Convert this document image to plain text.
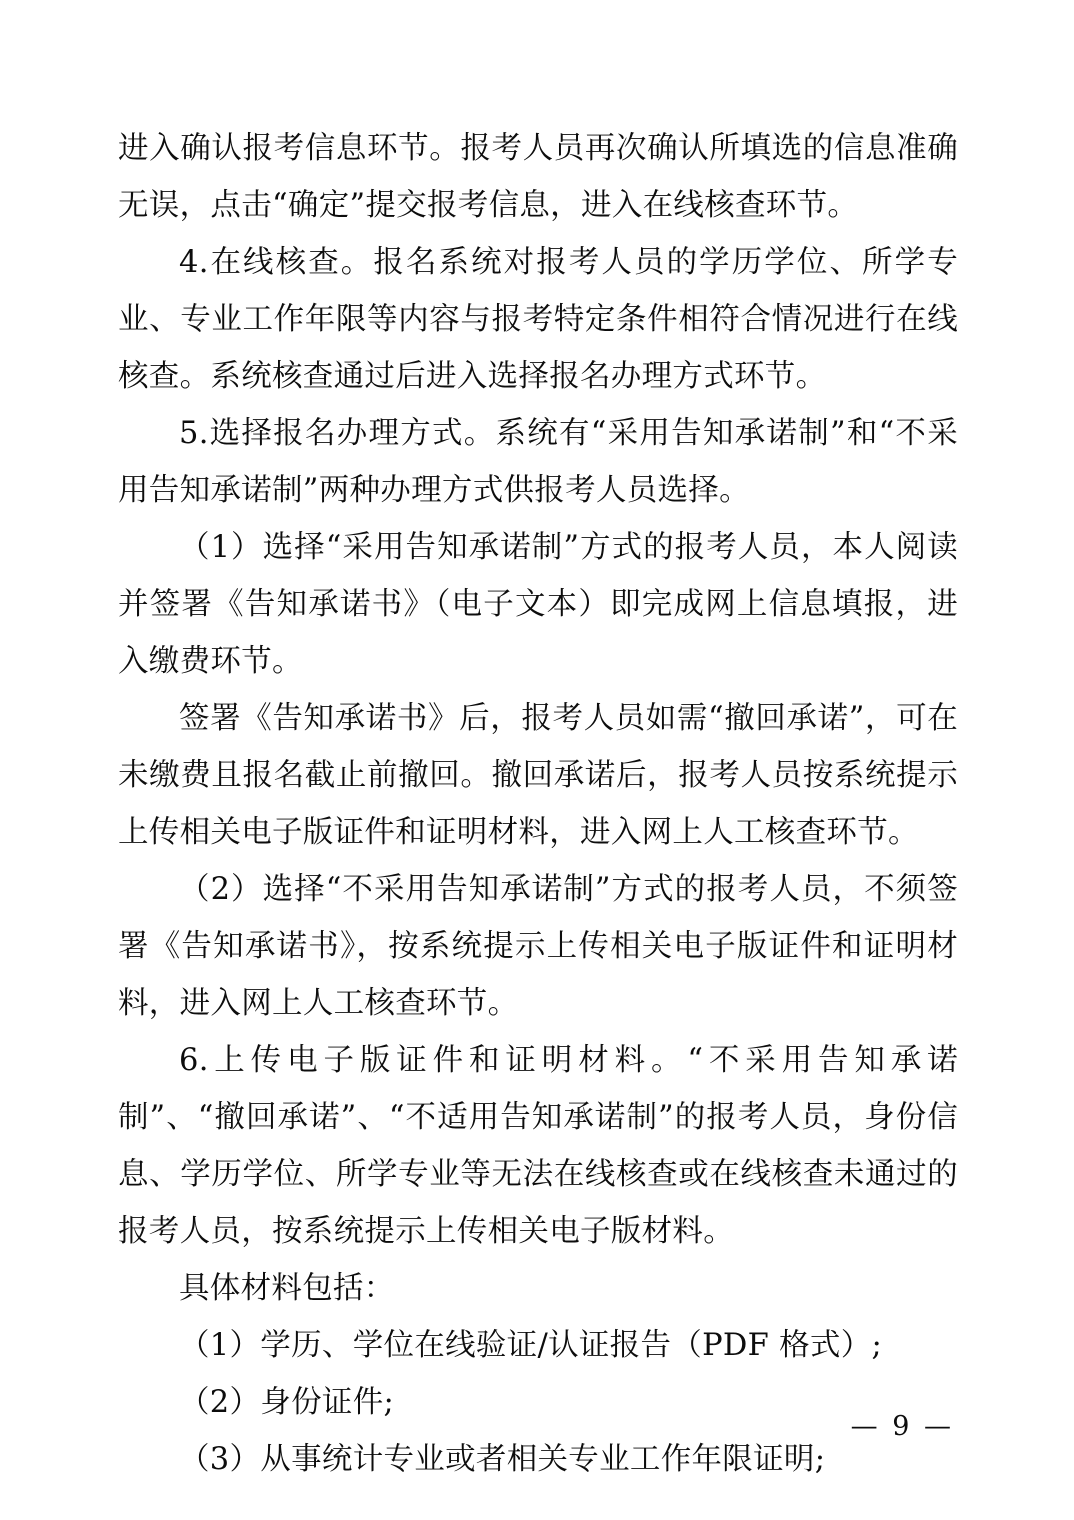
进入确认报考信息环节。报考人员再次确认所填选的信息准确无误，点击“确定”提交报考信息，进入在线核查环节。

4.在线核查。报名系统对报考人员的学历学位、所学专业、专业工作年限等内容与报考特定条件相符合情况进行在线核查。系统核查通过后进入选择报名办理方式环节。

5.选择报名办理方式。系统有“采用告知承诺制”和“不采用告知承诺制”两种办理方式供报考人员选择。

（1）选择“采用告知承诺制”方式的报考人员，本人阅读并签署《告知承诺书》（电子文本）即完成网上信息填报，进入缴费环节。

签署《告知承诺书》后，报考人员如需“撤回承诺”，可在未缴费且报名截止前撤回。撤回承诺后，报考人员按系统提示上传相关电子版证件和证明材料，进入网上人工核查环节。

（2）选择“不采用告知承诺制”方式的报考人员，不须签署《告知承诺书》，按系统提示上传相关电子版证件和证明材料，进入网上人工核查环节。

6.上传电子版证件和证明材料。“不采用告知承诺制”、“撤回承诺”、“不适用告知承诺制”的报考人员，身份信息、学历学位、所学专业等无法在线核查或在线核查未通过的报考人员，按系统提示上传相关电子版材料。

具体材料包括：

（1）学历、学位在线验证/认证报告（PDF 格式）;

（2）身份证件;

（3）从事统计专业或者相关专业工作年限证明;

— 9 —
